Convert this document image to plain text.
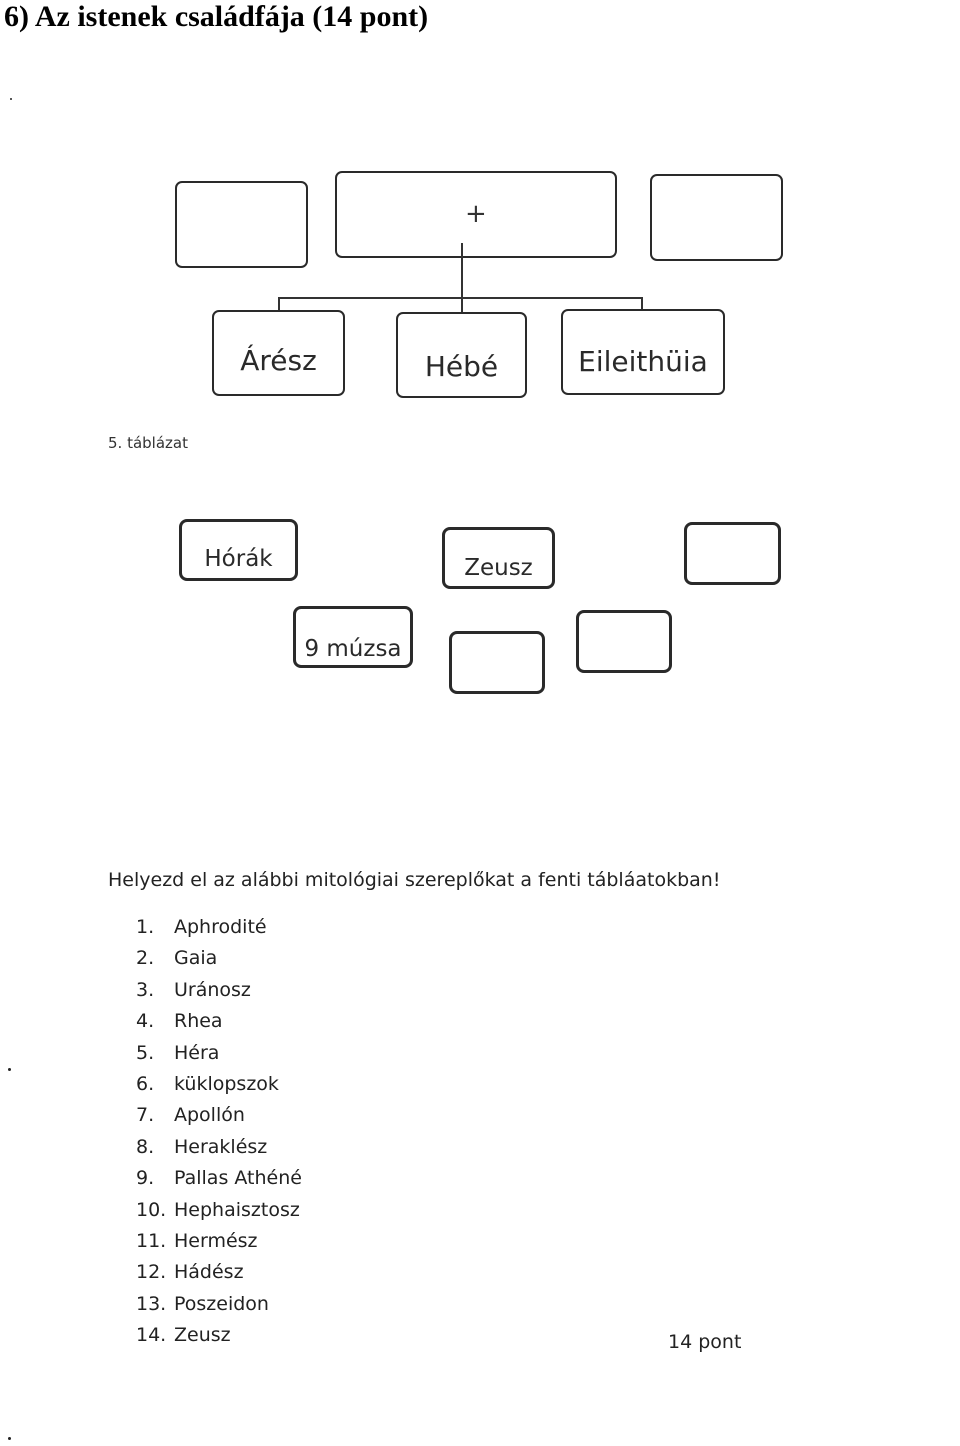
6) Az istenek családfája (14 pont)
+
Árész	Hébé	Eileithüia
5. táblázat
Hórák	Zeusz
9 múzsa
Helyezd el az alábbi mitológiai szereplőkat a fenti tábláatokban!
1. Aphrodité
2. Gaia
3. Uránosz
4. Rhea
5. Héra
6. küklopszok
7. Apollón
8. Heraklész
9. Pallas Athéné
10. Hephaisztosz
11. Hermész
12. Hádész
13. Poszeidon
14. Zeusz	14 pont
